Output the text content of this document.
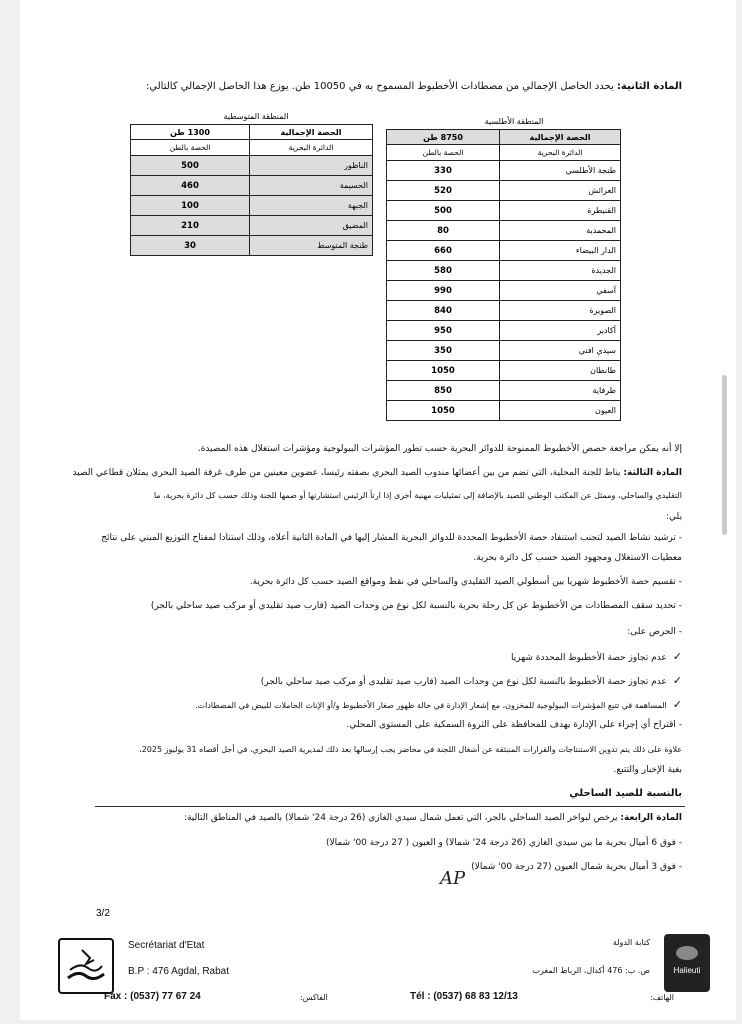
المادة الثانية: يحدد الحاصل الإجمالي من مصطادات الأخطبوط المسموح به في 10050 طن. يوزع هذا الحاصل الإجمالي كالتالي:
المنطقة الأطلسية
الحصة الإجمالية	8750 طن
الدائرة البحرية	الحصة بالطن
طنجة الأطلسي	330
العرائش	520
القنيطرة	500
المحمدية	80
الدار البيضاء	660
الجديدة	580
آسفي	990
الصويرة	840
أكادير	950
سيدي افني	350
طانطان	1050
طرفاية	850
العيون	1050
المنطقة المتوسطية
الحصة الإجمالية	1300 طن
الدائرة البحرية	الحصة بالطن
الناظور	500
الحسيمة	460
الجبهة	100
المضيق	210
طنجة المتوسط	30
إلا أنه يمكن مراجعة حصص الأخطبوط الممنوحة للدوائر البحرية حسب تطور المؤشرات البيولوجية ومؤشرات استغلال هذه المصيدة.
المادة الثالثة: يناط للجنة المحلية، التي تضم من بين أعضائها مندوب الصيد البحري بصفته رئيسا، عضوين معينين من طرف غرفة الصيد البحري يمثلان قطاعي الصيد
التقليدي والساحلي، وممثل عن المكتب الوطني للصيد بالإضافة إلى تمثيليات مهنية أخرى إذا ارتأ الرئيس استشارتها أو ضمها للجنة وذلك حسب كل دائرة بحرية، ما
يلي:
- ترشيد نشاط الصيد لتجنب استنفاد حصة الأخطبوط المحددة للدوائر البحرية المشار إليها في المادة الثانية أعلاه، وذلك استنادا لمفتاح التوزيع المبني على نتائج
معطيات الاستغلال ومجهود الصيد حسب كل دائرة بحرية.
- تقسيم حصة الأخطبوط شهريا بين أسطولي الصيد التقليدي والساحلي في نقط ومواقع الصيد حسب كل دائرة بحرية.
- تحديد سقف المصطادات من الأخطبوط عن كل رحلة بحرية بالنسبة لكل نوع من وحدات الصيد (قارب صيد تقليدي أو مركب صيد ساحلي بالجر)
- الحرص على:
✓عدم تجاوز حصة الأخطبوط المحددة شهريا
✓عدم تجاوز حصة الأخطبوط بالنسبة لكل نوع من وحدات الصيد (قارب صيد تقليدي أو مركب صيد ساحلي بالجر)
✓المساهمة في تتبع المؤشرات البيولوجية للمخزون، مع إشعار الإدارة في حالة ظهور صغار الأخطبوط و/أو الإناث الحاملات للبيض في المصطادات.
- اقتراح أي إجراء على الإدارة يهدف للمحافظة على الثروة السمكية على المستوى المحلي.
علاوة على ذلك يتم تدوين الاستنتاجات والقرارات المنبثقة عن أشغال اللجنة في محاضر يجب إرسالها بعد ذلك لمديرية الصيد البحري، في أجل أقصاه 31 يوليوز 2025،
بغية الإخبار والتتبع.
بالنسبة للصيد الساحلي
المادة الرابعة: يرخص لبواخر الصيد الساحلي بالجر، التي تعمل شمال سيدي الغازي (26 درجة 24' شمالا) بالصيد في المناطق التالية:
- فوق 6 أميال بحرية ما بين سيدي الغازي (26 درجة 24' شمالا) و العيون ( 27 درجة 00' شمالا)
- فوق 3 أميال بحرية شمال العيون (27 درجة 00' شمالا)
AP
3/2
Secrétariat d'Etat
B.P : 476 Agdal, Rabat
Fax : (0537) 77 67 24	الفاكس:	Tél : (0537) 68 83 12/13	الهاتف:
كتابة الدولة
ص. ب: 476 أكدال، الرباط المغرب	Halieuti
